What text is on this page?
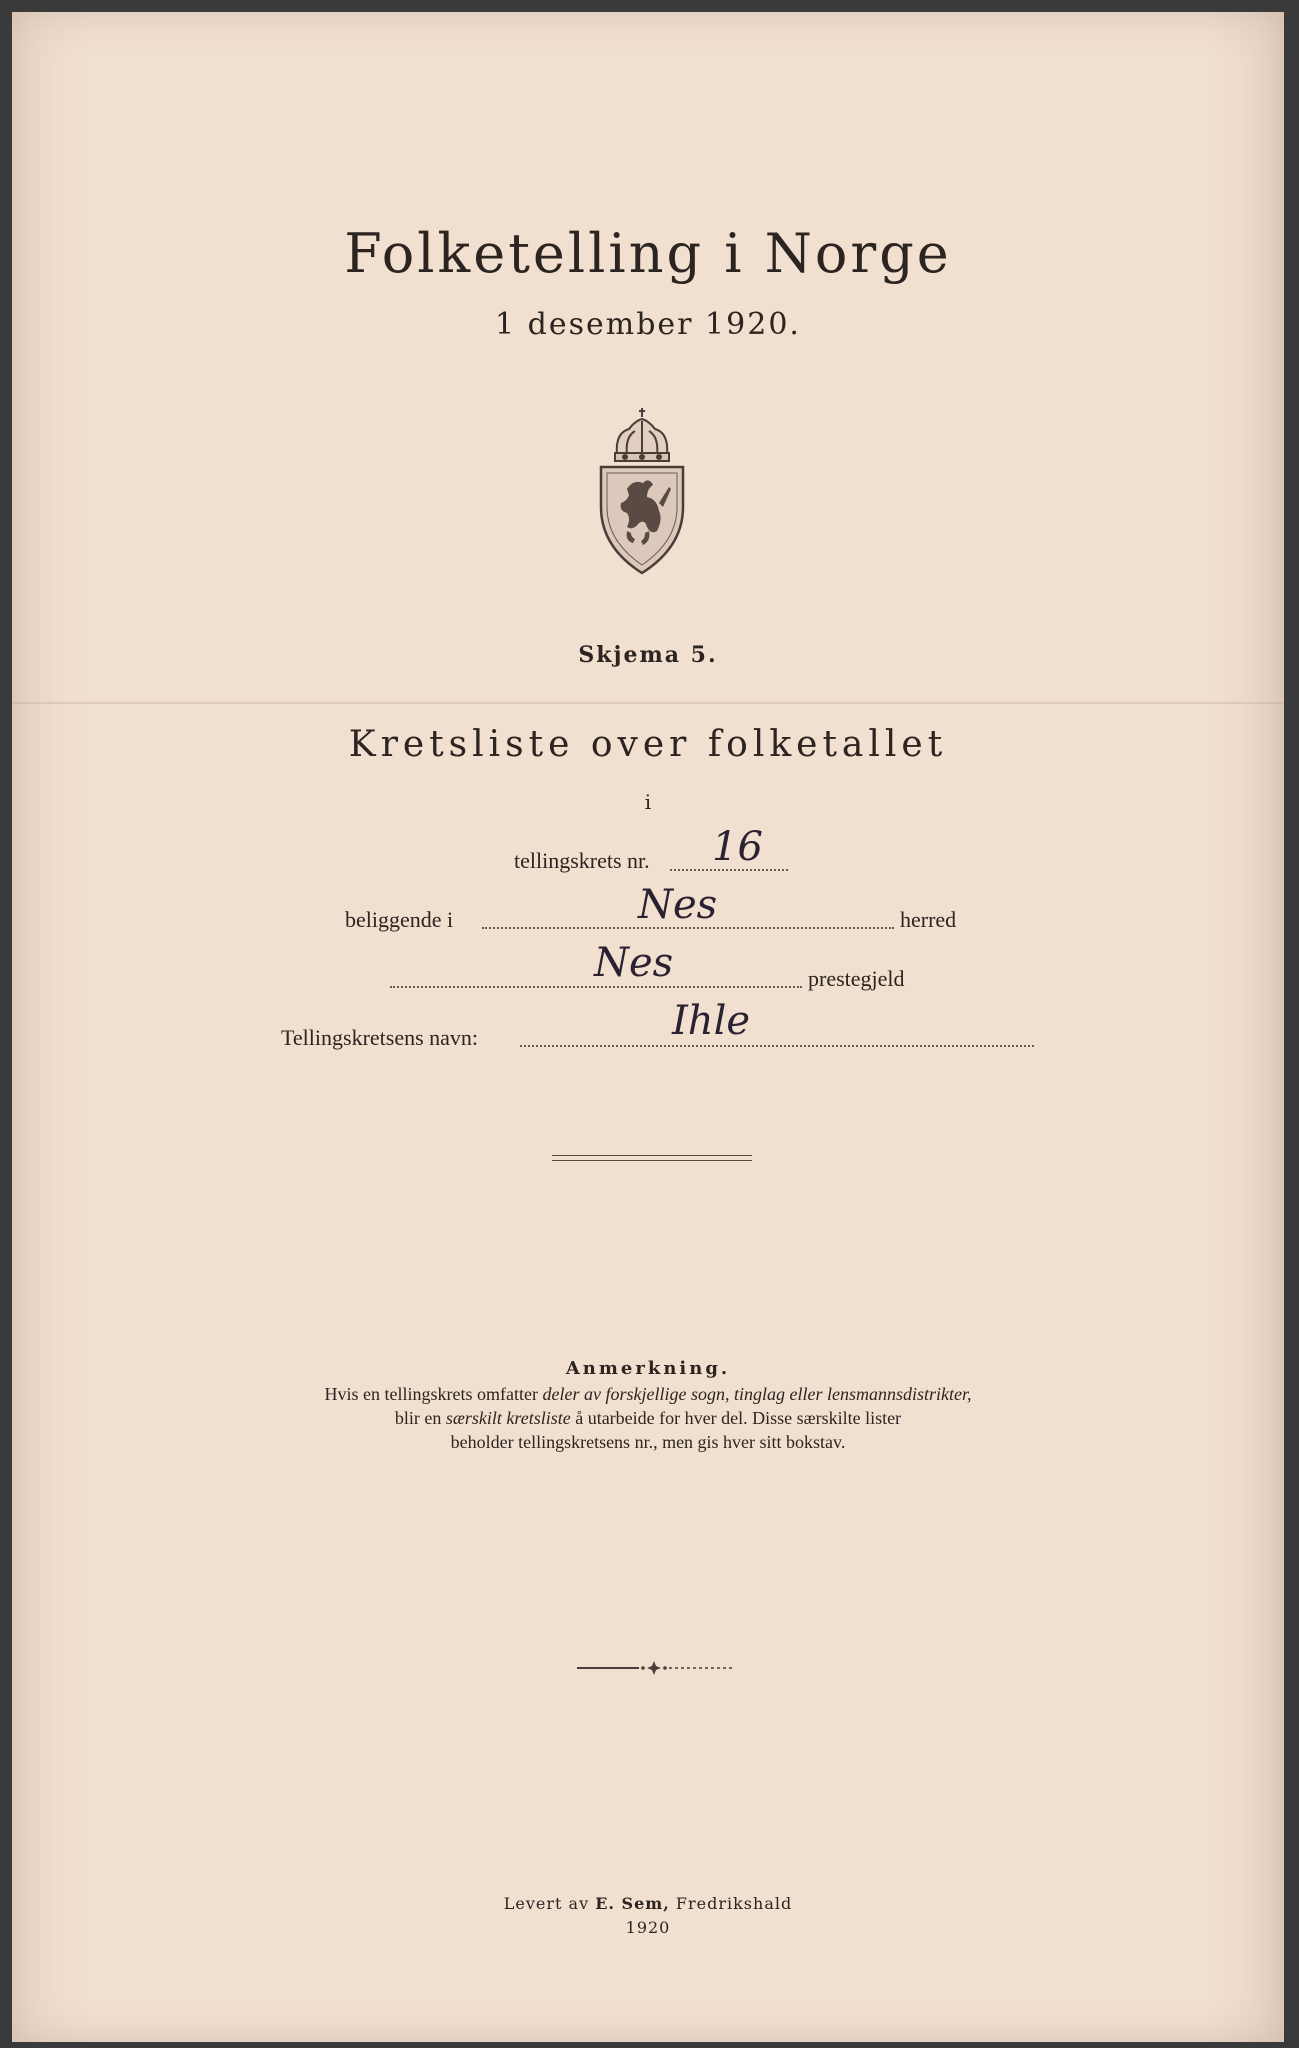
Folketelling i Norge
1 desember 1920.
Skjema 5.
Kretsliste over folketallet
i
tellingskrets nr. 16
beliggende i	Nes	herred
Nes	prestegjeld
Tellingskretsens navn:	Ihle
Anmerkning.
Hvis en tellingskrets omfatter deler av forskjellige sogn, tinglag eller lensmannsdistrikter,
blir en særskilt kretsliste å utarbeide for hver del. Disse særskilte lister
beholder tellingskretsens nr., men gis hver sitt bokstav.
Levert av E. Sem, Fredrikshald
1920
